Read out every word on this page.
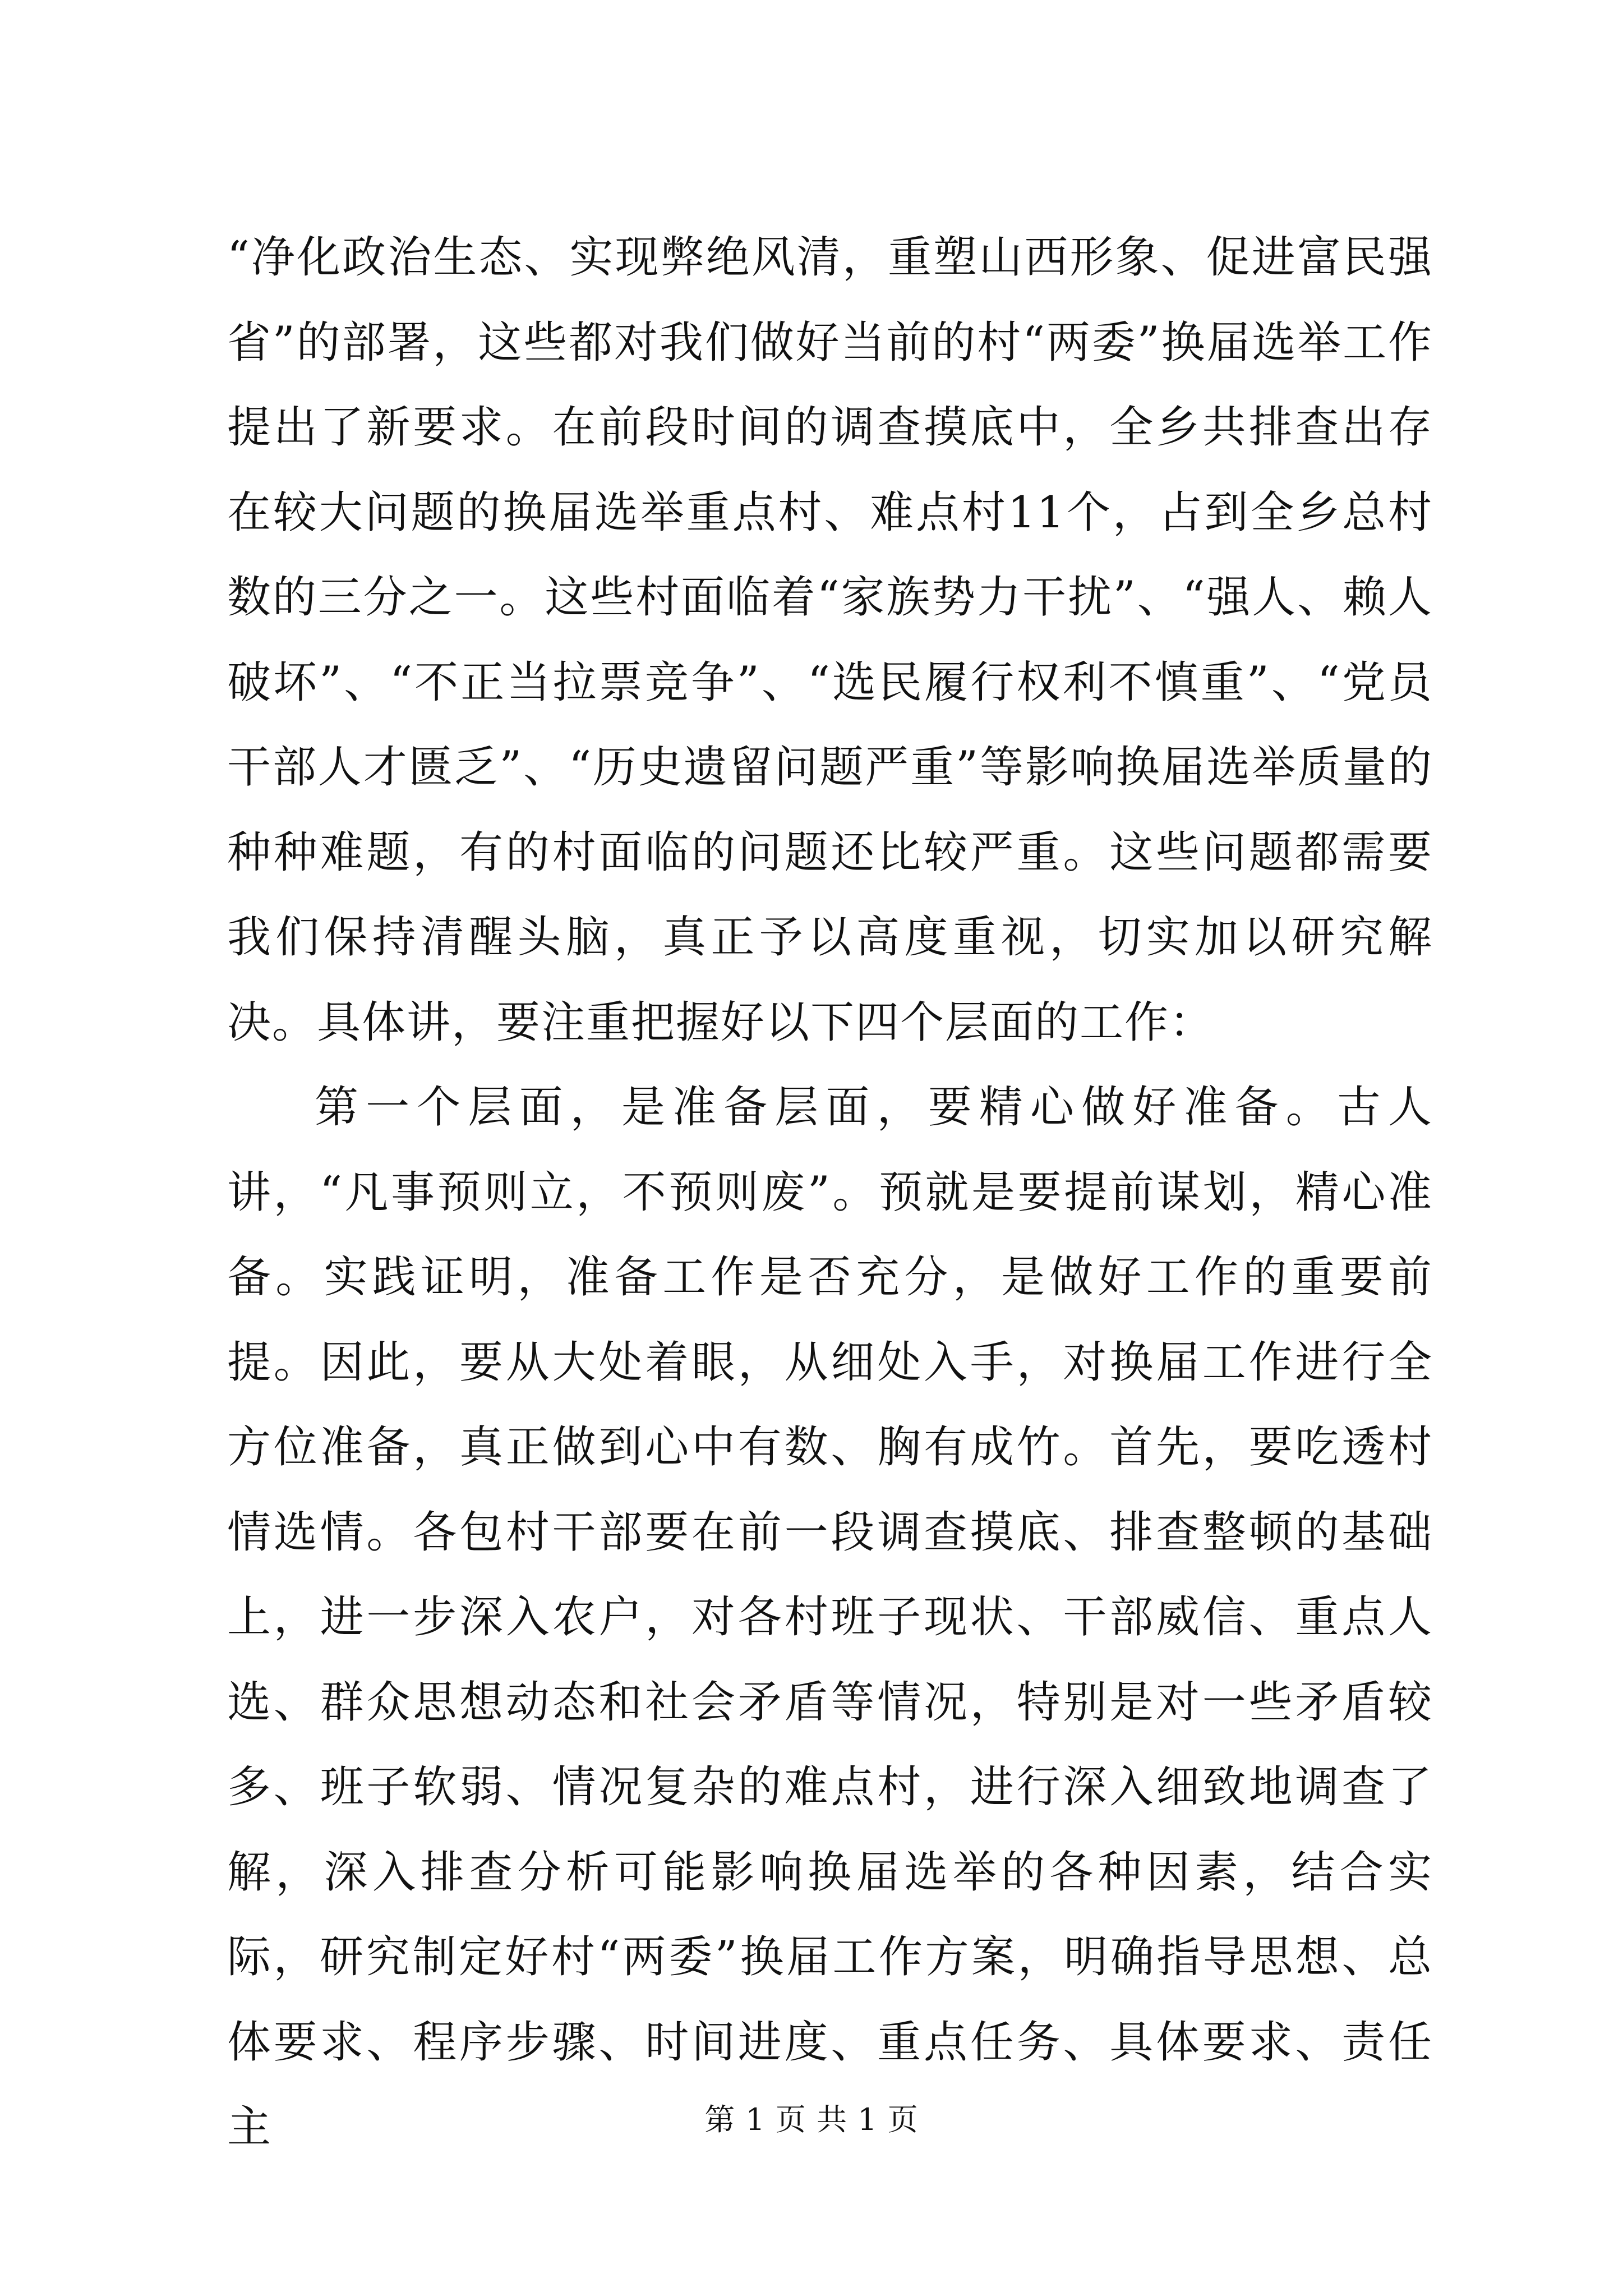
“净化政治生态、实现弊绝风清，重塑山西形象、促进富民强省”的部署，这些都对我们做好当前的村“两委”换届选举工作提出了新要求。在前段时间的调查摸底中，全乡共排查出存在较大问题的换届选举重点村、难点村11个，占到全乡总村数的三分之一。这些村面临着“家族势力干扰”、“强人、赖人破坏”、“不正当拉票竞争”、“选民履行权利不慎重”、“党员干部人才匮乏”、“历史遗留问题严重”等影响换届选举质量的种种难题，有的村面临的问题还比较严重。这些问题都需要我们保持清醒头脑，真正予以高度重视，切实加以研究解决。具体讲，要注重把握好以下四个层面的工作：

第一个层面，是准备层面，要精心做好准备。古人讲，“凡事预则立，不预则废”。预就是要提前谋划，精心准备。实践证明，准备工作是否充分，是做好工作的重要前提。因此，要从大处着眼，从细处入手，对换届工作进行全方位准备，真正做到心中有数、胸有成竹。首先，要吃透村情选情。各包村干部要在前一段调查摸底、排查整顿的基础上，进一步深入农户，对各村班子现状、干部威信、重点人选、群众思想动态和社会矛盾等情况，特别是对一些矛盾较多、班子软弱、情况复杂的难点村，进行深入细致地调查了解，深入排查分析可能影响换届选举的各种因素，结合实际，研究制定好村“两委”换届工作方案，明确指导思想、总体要求、程序步骤、时间进度、重点任务、具体要求、责任主	第 1 页 共 1 页
